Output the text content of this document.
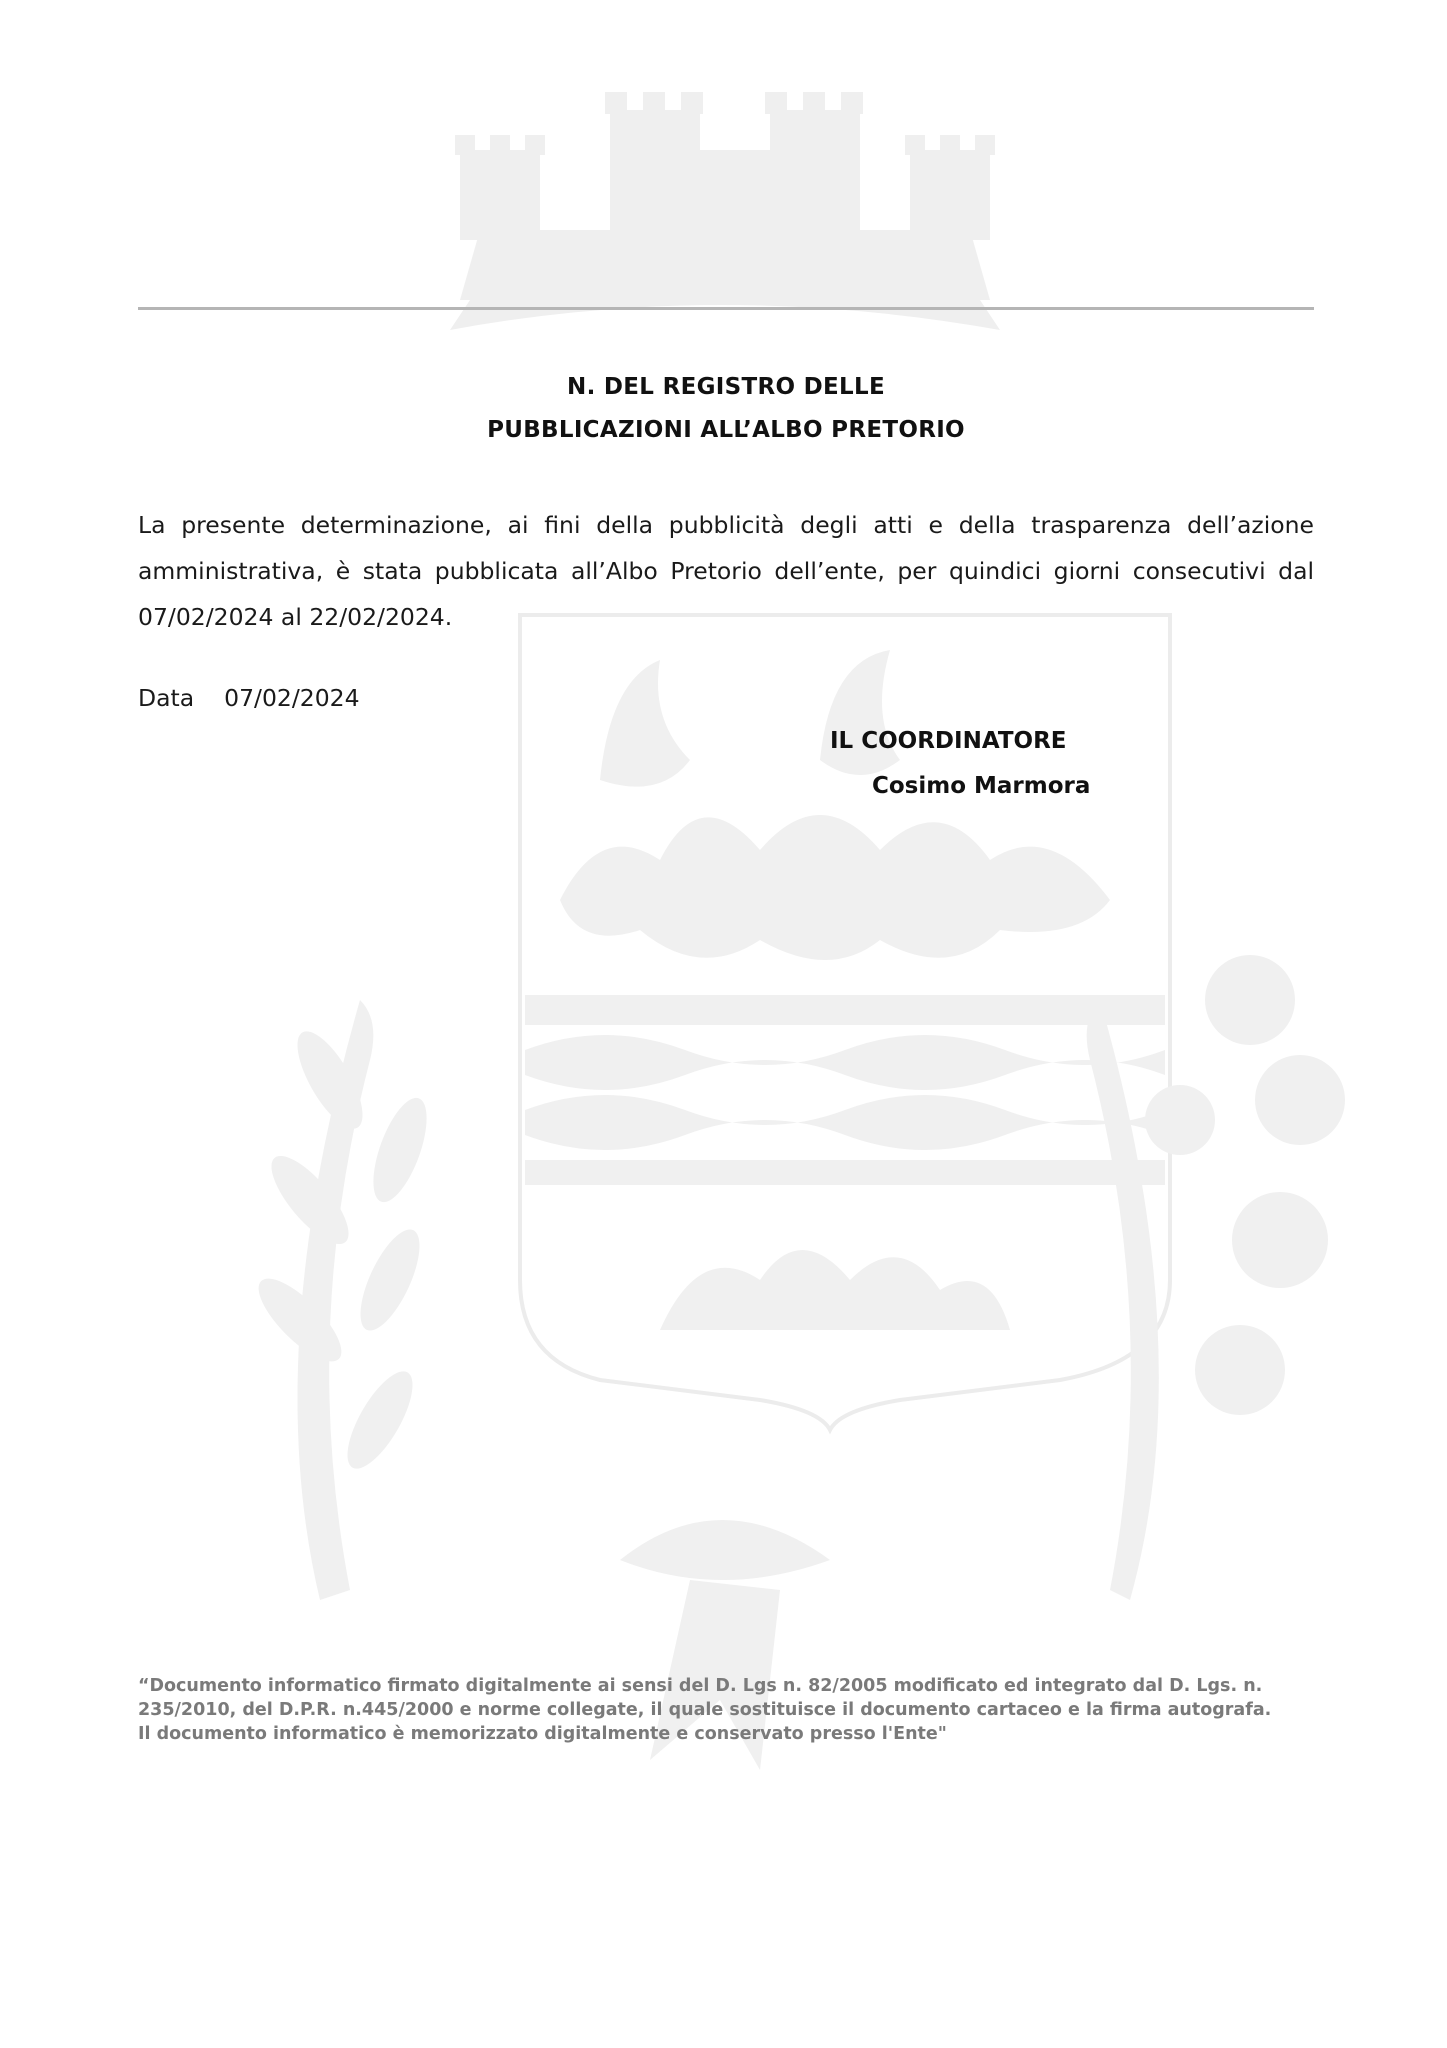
N. DEL REGISTRO DELLE
PUBBLICAZIONI ALL’ALBO PRETORIO
La presente determinazione, ai fini della pubblicità degli atti e della trasparenza dell’azione amministrativa, è stata pubblicata all’Albo Pretorio dell’ente, per quindici giorni consecutivi dal 07/02/2024 al 22/02/2024.
Data 07/02/2024
IL COORDINATORE
Cosimo Marmora
“Documento informatico firmato digitalmente ai sensi del D. Lgs n. 82/2005 modificato ed integrato dal D. Lgs. n.
235/2010, del D.P.R. n.445/2000 e norme collegate, il quale sostituisce il documento cartaceo e la firma autografa.
Il documento informatico è memorizzato digitalmente e conservato presso l'Ente"
